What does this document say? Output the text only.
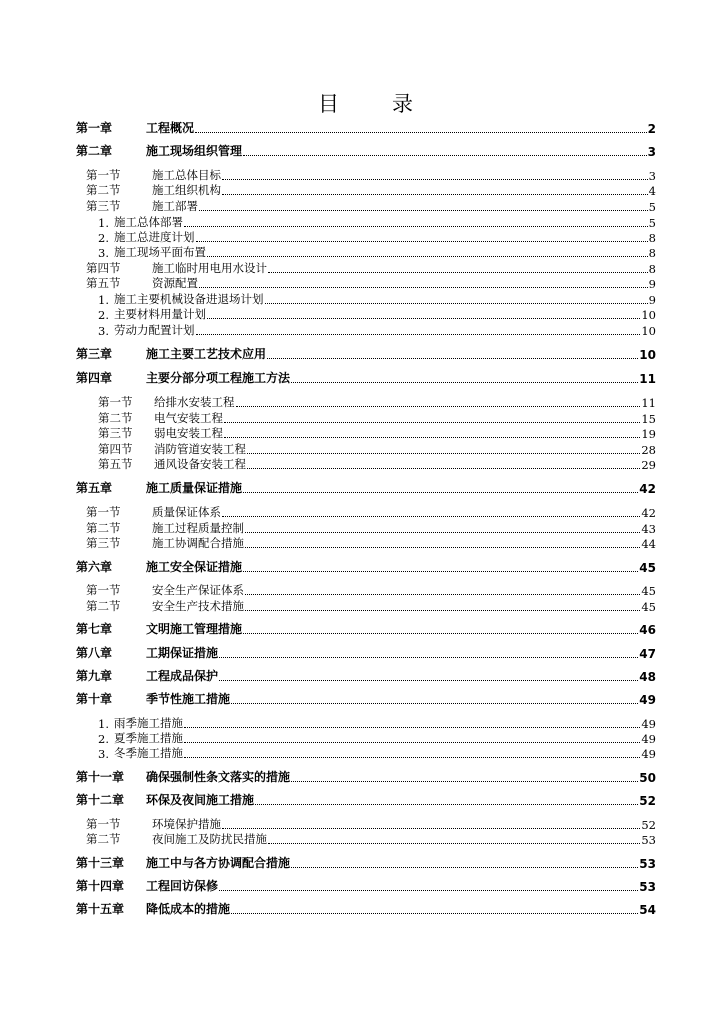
目	录
第一章	工程概况	2
第二章	施工现场组织管理	3
第一节	施工总体目标	3
第二节	施工组织机构	4
第三节	施工部署	5
1. 施工总体部署	5
2. 施工总进度计划	8
3. 施工现场平面布置	8
第四节	施工临时用电用水设计	8
第五节	资源配置	9
1. 施工主要机械设备进退场计划	9
2. 主要材料用量计划	10
3. 劳动力配置计划	10
第三章	施工主要工艺技术应用	10
第四章	主要分部分项工程施工方法	11
第一节	给排水安装工程	11
第二节	电气安装工程	15
第三节	弱电安装工程	19
第四节	消防管道安装工程	28
第五节	通风设备安装工程	29
第五章	施工质量保证措施	42
第一节	质量保证体系	42
第二节	施工过程质量控制	43
第三节	施工协调配合措施	44
第六章	施工安全保证措施	45
第一节	安全生产保证体系	45
第二节	安全生产技术措施	45
第七章	文明施工管理措施	46
第八章	工期保证措施	47
第九章	工程成品保护	48
第十章	季节性施工措施	49
1. 雨季施工措施	49
2. 夏季施工措施	49
3. 冬季施工措施	49
第十一章	确保强制性条文落实的措施	50
第十二章	环保及夜间施工措施	52
第一节	环境保护措施	52
第二节	夜间施工及防扰民措施	53
第十三章	施工中与各方协调配合措施	53
第十四章	工程回访保修	53
第十五章	降低成本的措施	54
